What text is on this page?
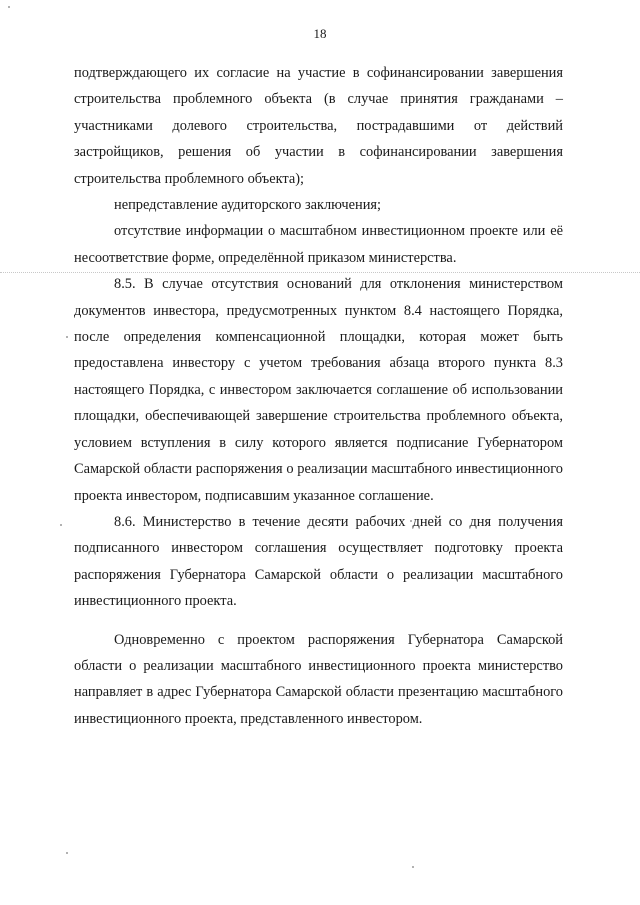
18

подтверждающего их согласие на участие в софинансировании завершения строительства проблемного объекта (в случае принятия гражданами – участниками долевого строительства, пострадавшими от действий застройщиков, решения об участии в софинансировании завершения строительства проблемного объекта);

непредставление аудиторского заключения;

отсутствие информации о масштабном инвестиционном проекте или её несоответствие форме, определённой приказом министерства.

8.5. В случае отсутствия оснований для отклонения министерством документов инвестора, предусмотренных пунктом 8.4 настоящего Порядка, после определения компенсационной площадки, которая может быть предоставлена инвестору с учетом требования абзаца второго пункта 8.3 настоящего Порядка, с инвестором заключается соглашение об использовании площадки, обеспечивающей завершение строительства проблемного объекта, условием вступления в силу которого является подписание Губернатором Самарской области распоряжения о реализации масштабного инвестиционного проекта инвестором, подписавшим указанное соглашение.

8.6. Министерство в течение десяти рабочих дней со дня получения подписанного инвестором соглашения осуществляет подготовку проекта распоряжения Губернатора Самарской области о реализации масштабного инвестиционного проекта.

Одновременно с проектом распоряжения Губернатора Самарской области о реализации масштабного инвестиционного проекта министерство направляет в адрес Губернатора Самарской области презентацию масштабного инвестиционного проекта, представленного инвестором.
